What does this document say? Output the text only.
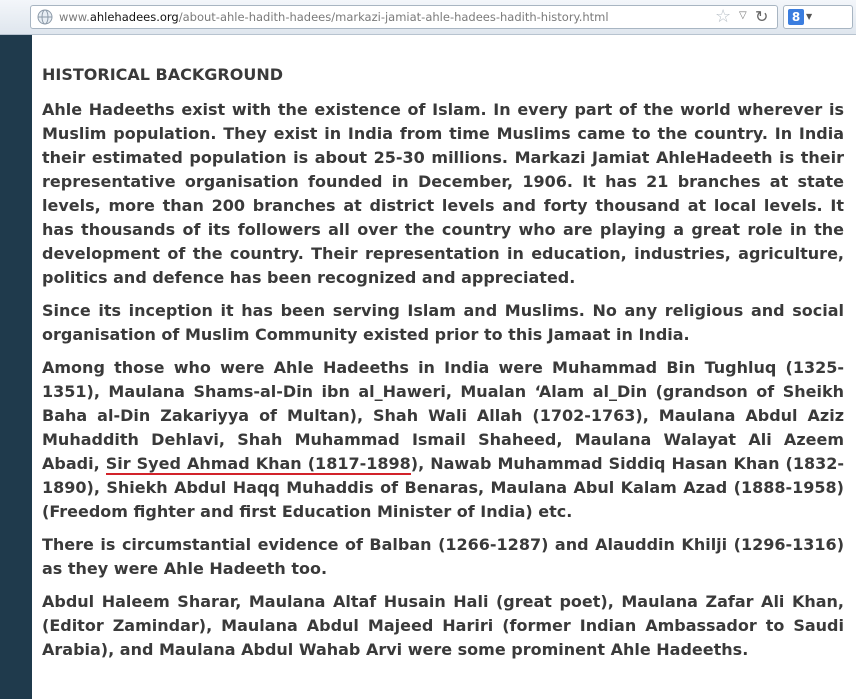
www.ahlehadees.org/about-ahle-hadith-hadees/markazi-jamiat-ahle-hadees-hadith-history.html	☆ ▽ ↻	8 ▼
HISTORICAL BACKGROUND

Ahle Hadeeths exist with the existence of Islam. In every part of the world wherever is Muslim population. They exist in India from time Muslims came to the country. In India their estimated population is about 25-30 millions. Markazi Jamiat AhleHadeeth is their representative organisation founded in December, 1906. It has 21 branches at state levels, more than 200 branches at district levels and forty thousand at local levels. It has thousands of its followers all over the country who are playing a great role in the development of the country. Their representation in education, industries, agriculture, politics and defence has been recognized and appreciated.

Since its inception it has been serving Islam and Muslims. No any religious and social organisation of Muslim Community existed prior to this Jamaat in India.

Among those who were Ahle Hadeeths in India were Muhammad Bin Tughluq (1325-1351), Maulana Shams-al-Din ibn al_Haweri, Mualan ‘Alam al_Din (grandson of Sheikh Baha al-Din Zakariyya of Multan), Shah Wali Allah (1702-1763), Maulana Abdul Aziz Muhaddith Dehlavi, Shah Muhammad Ismail Shaheed, Maulana Walayat Ali Azeem Abadi, Sir Syed Ahmad Khan (1817-1898), Nawab Muhammad Siddiq Hasan Khan (1832-1890), Shiekh Abdul Haqq Muhaddis of Benaras, Maulana Abul Kalam Azad (1888-1958) (Freedom fighter and first Education Minister of India) etc.

There is circumstantial evidence of Balban (1266-1287) and Alauddin Khilji (1296-1316) as they were Ahle Hadeeth too.

Abdul Haleem Sharar, Maulana Altaf Husain Hali (great poet), Maulana Zafar Ali Khan, (Editor Zamindar), Maulana Abdul Majeed Hariri (former Indian Ambassador to Saudi Arabia), and Maulana Abdul Wahab Arvi were some prominent Ahle Hadeeths.
